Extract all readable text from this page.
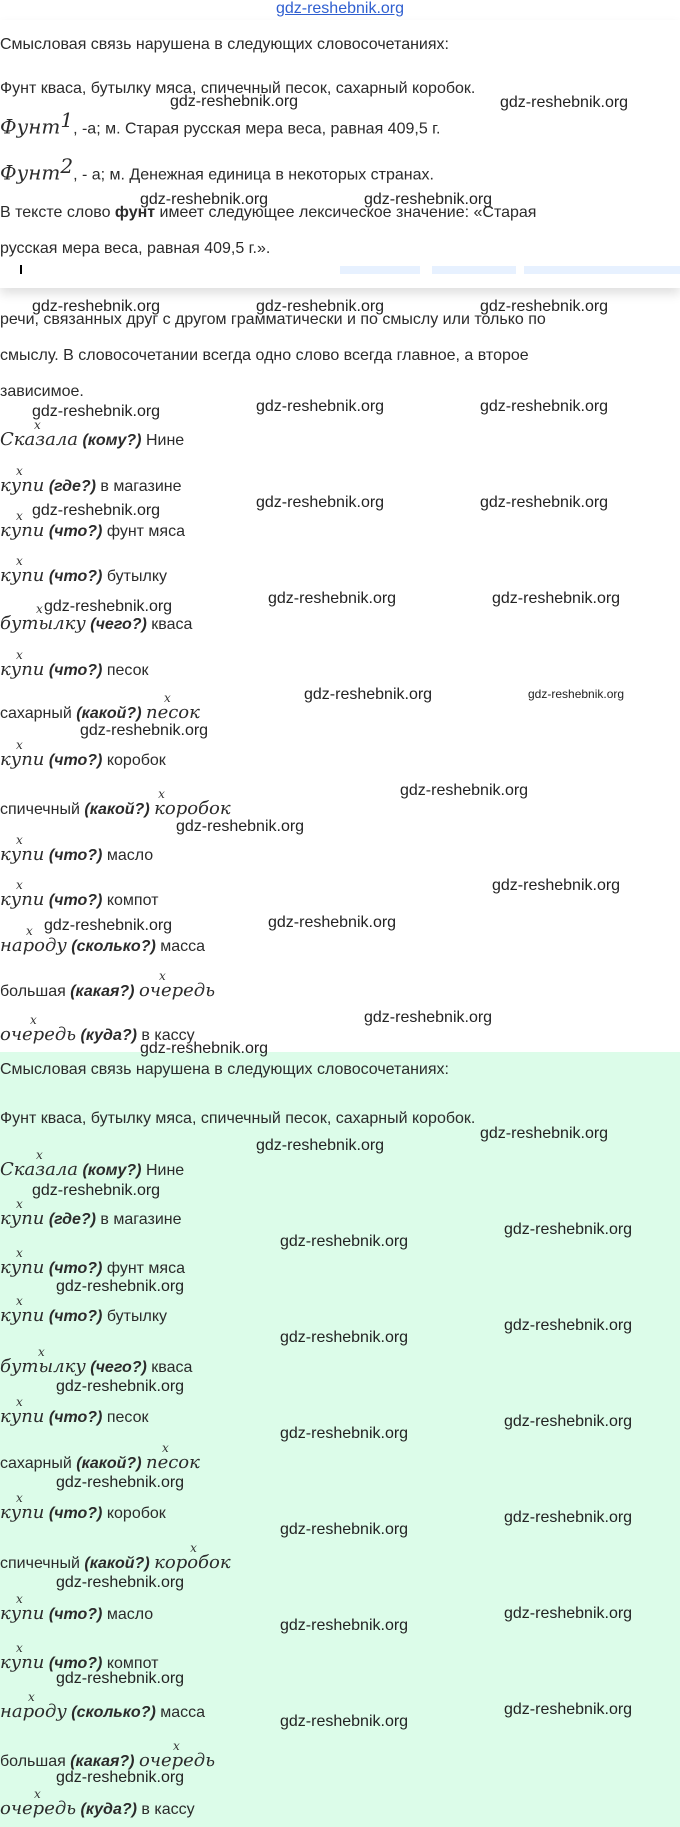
gdz-reshebnik.org
Смысловая связь нарушена в следующих словосочетаниях:
Фунт кваса, бутылку мяса, спичечный песок, сахарный коробок.
Фунт$^1$, -а; м. Старая русская мера веса, равная 409,5 г.
Фунт$^2$, - а; м. Денежная единица в некоторых странах.
В тексте слово фунт имеет следующее лексическое значение: «Старая
русская мера веса, равная 409,5 г.».
речи, связанных друг с другом грамматически и по смыслу или только по
смыслу. В словосочетании всегда одно слово всегда главное, а второе
зависимое.
x
Сказала (кому?) Нине
x
купи (где?) в магазине
x
купи (что?) фунт мяса
x
купи (что?) бутылку
x
бутылку (чего?) кваса
x
купи (что?) песок
сахарный (какой?)
x
песок
x
купи (что?) коробок
спичечный (какой?)
x
коробок
x
купи (что?) масло
x
купи (что?) компот
x
народу (сколько?) масса
большая (какая?)
x
очередь
x
очередь (куда?) в кассу
Смысловая связь нарушена в следующих словосочетаниях:
Фунт кваса, бутылку мяса, спичечный песок, сахарный коробок.
x
Сказала (кому?) Нине
x
купи (где?) в магазине
x
купи (что?) фунт мяса
x
купи (что?) бутылку
x
бутылку (чего?) кваса
x
купи (что?) песок
сахарный (какой?)
x
песок
x
купи (что?) коробок
спичечный (какой?)
x
коробок
x
купи (что?) масло
x
купи (что?) компот
x
народу (сколько?) масса
большая (какая?)
x
очередь
x
очередь (куда?) в кассу
gdz-reshebnik.org	gdz-reshebnik.org
gdz-reshebnik.org	gdz-reshebnik.org
gdz-reshebnik.org	gdz-reshebnik.org	gdz-reshebnik.org
gdz-reshebnik.org	gdz-reshebnik.org	gdz-reshebnik.org
gdz-reshebnik.org	gdz-reshebnik.org	gdz-reshebnik.org
gdz-reshebnik.org	gdz-reshebnik.org	gdz-reshebnik.org
gdz-reshebnik.org	gdz-reshebnik.org
gdz-reshebnik.org
gdz-reshebnik.org
gdz-reshebnik.org
gdz-reshebnik.org
gdz-reshebnik.org	gdz-reshebnik.org
gdz-reshebnik.org
gdz-reshebnik.org
gdz-reshebnik.org
gdz-reshebnik.org
gdz-reshebnik.org
gdz-reshebnik.org
gdz-reshebnik.org
gdz-reshebnik.org
gdz-reshebnik.org
gdz-reshebnik.org
gdz-reshebnik.org
gdz-reshebnik.org
gdz-reshebnik.org
gdz-reshebnik.org
gdz-reshebnik.org
gdz-reshebnik.org
gdz-reshebnik.org
gdz-reshebnik.org
gdz-reshebnik.org
gdz-reshebnik.org
gdz-reshebnik.org
gdz-reshebnik.org
gdz-reshebnik.org
